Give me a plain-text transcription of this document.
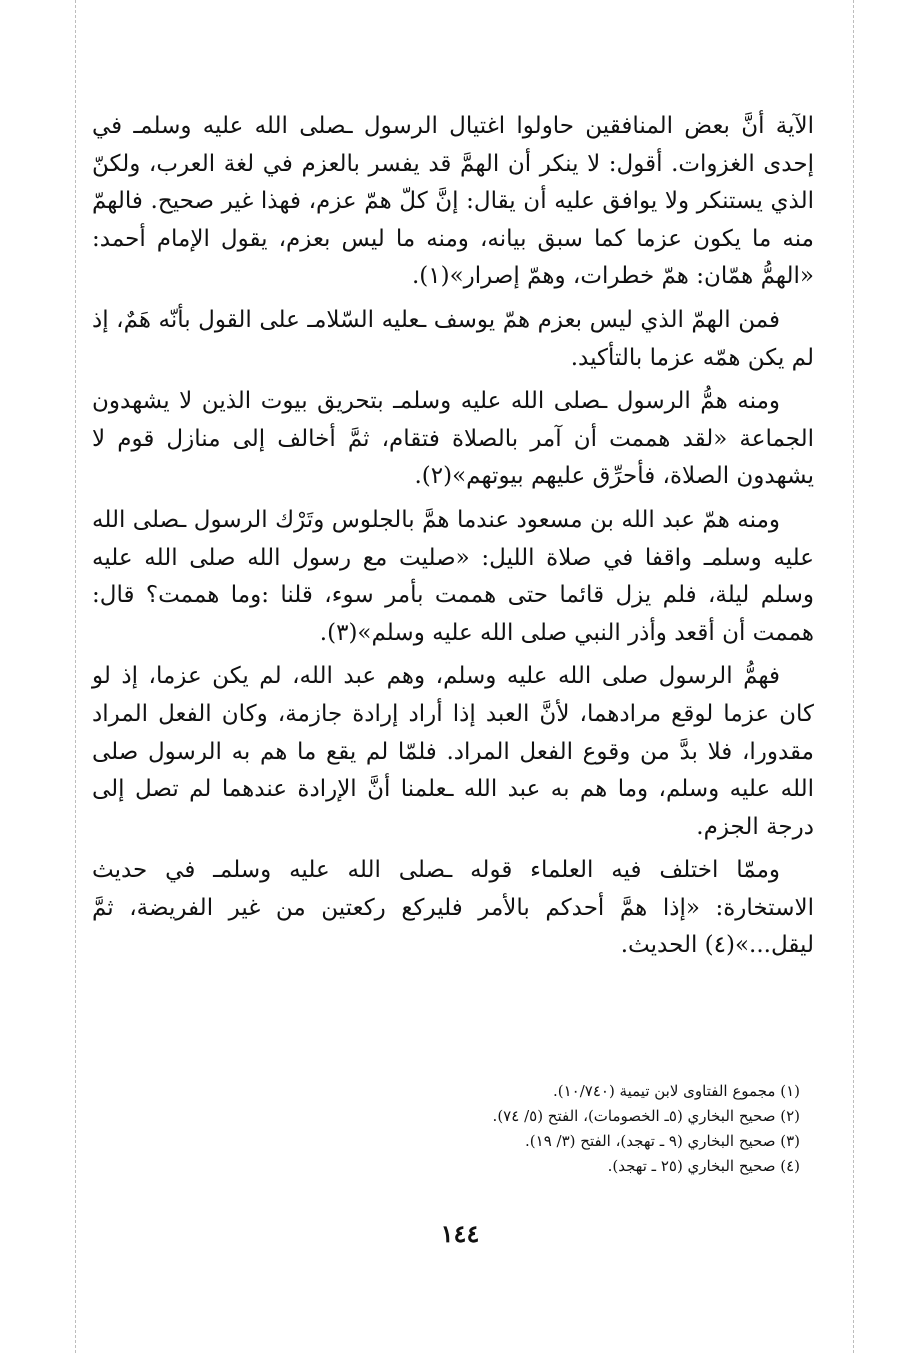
الآية أنَّ بعض المنافقين حاولوا اغتيال الرسول ـصلى الله عليه وسلمـ في إحدى الغزوات. أقول: لا ينكر أن الهمَّ قد يفسر بالعزم في لغة العرب، ولكنّ الذي يستنكر ولا يوافق عليه أن يقال: إنَّ كلّ همّ عزم، فهذا غير صحيح. فالهمّ منه ما يكون عزما كما سبق بيانه، ومنه ما ليس بعزم، يقول الإمام أحمد: «الهمُّ همّان: همّ خطرات، وهمّ إصرار»(١).

فمن الهمّ الذي ليس بعزم همّ يوسف ـعليه السّلامـ على القول بأنّه هَمٌ، إذ لم يكن همّه عزما بالتأكيد.

ومنه همُّ الرسول ـصلى الله عليه وسلمـ بتحريق بيوت الذين لا يشهدون الجماعة «لقد هممت أن آمر بالصلاة فتقام، ثمَّ أخالف إلى منازل قوم لا يشهدون الصلاة، فأحرِّق عليهم بيوتهم»(٢).

ومنه همّ عبد الله بن مسعود عندما همَّ بالجلوس وتَرْك الرسول ـصلى الله عليه وسلمـ واقفا في صلاة الليل: «صليت مع رسول الله صلى الله عليه وسلم ليلة، فلم يزل قائما حتى هممت بأمر سوء، قلنا :وما هممت؟ قال: هممت أن أقعد وأذر النبي صلى الله عليه وسلم»(٣).

فهمُّ الرسول صلى الله عليه وسلم، وهم عبد الله، لم يكن عزما، إذ لو كان عزما لوقع مرادهما، لأنَّ العبد إذا أراد إرادة جازمة، وكان الفعل المراد مقدورا، فلا بدَّ من وقوع الفعل المراد. فلمّا لم يقع ما هم به الرسول صلى الله عليه وسلم، وما هم به عبد الله ـعلمنا أنَّ الإرادة عندهما لم تصل إلى درجة الجزم.

وممّا اختلف فيه العلماء قوله ـصلى الله عليه وسلمـ في حديث الاستخارة: «إذا همَّ أحدكم بالأمر فليركع ركعتين من غير الفريضة، ثمَّ ليقل...»(٤) الحديث.

(١) مجموع الفتاوى لابن تيمية (١٠/٧٤٠).

(٢) صحيح البخاري (٥ـ الخصومات)، الفتح (٥/ ٧٤).

(٣) صحيح البخاري (٩ ـ تهجد)، الفتح (٣/ ١٩).

(٤) صحيح البخاري (٢٥ ـ تهجد).

١٤٤
